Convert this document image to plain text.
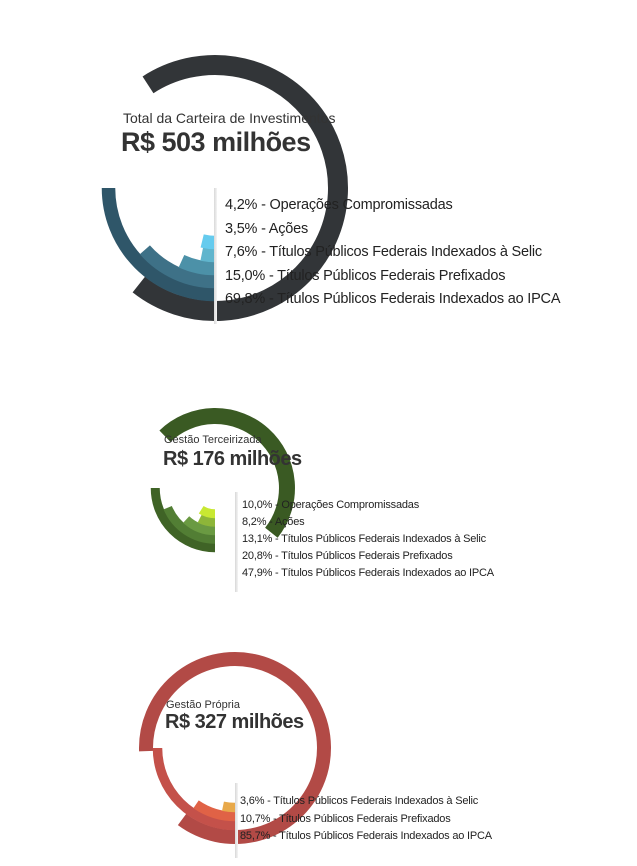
Total da Carteira de Investimentos
R$ 503 milhões
4,2% - Operações Compromissadas
3,5% - Ações
7,6% - Títulos Públicos Federais Indexados à Selic
15,0% - Títulos Públicos Federais Prefixados
69,8% - Títulos Públicos Federais Indexados ao IPCA
Gestão Terceirizada
R$ 176 milhões
10,0% - Operações Compromissadas
8,2% - Ações
13,1% - Títulos Públicos Federais Indexados à Selic
20,8% - Títulos Públicos Federais Prefixados
47,9% - Títulos Públicos Federais Indexados ao IPCA
Gestão Própria
R$ 327 milhões
3,6% - Títulos Públicos Federais Indexados à Selic
10,7% - Títulos Públicos Federais Prefixados
85,7% - Títulos Públicos Federais Indexados ao IPCA
